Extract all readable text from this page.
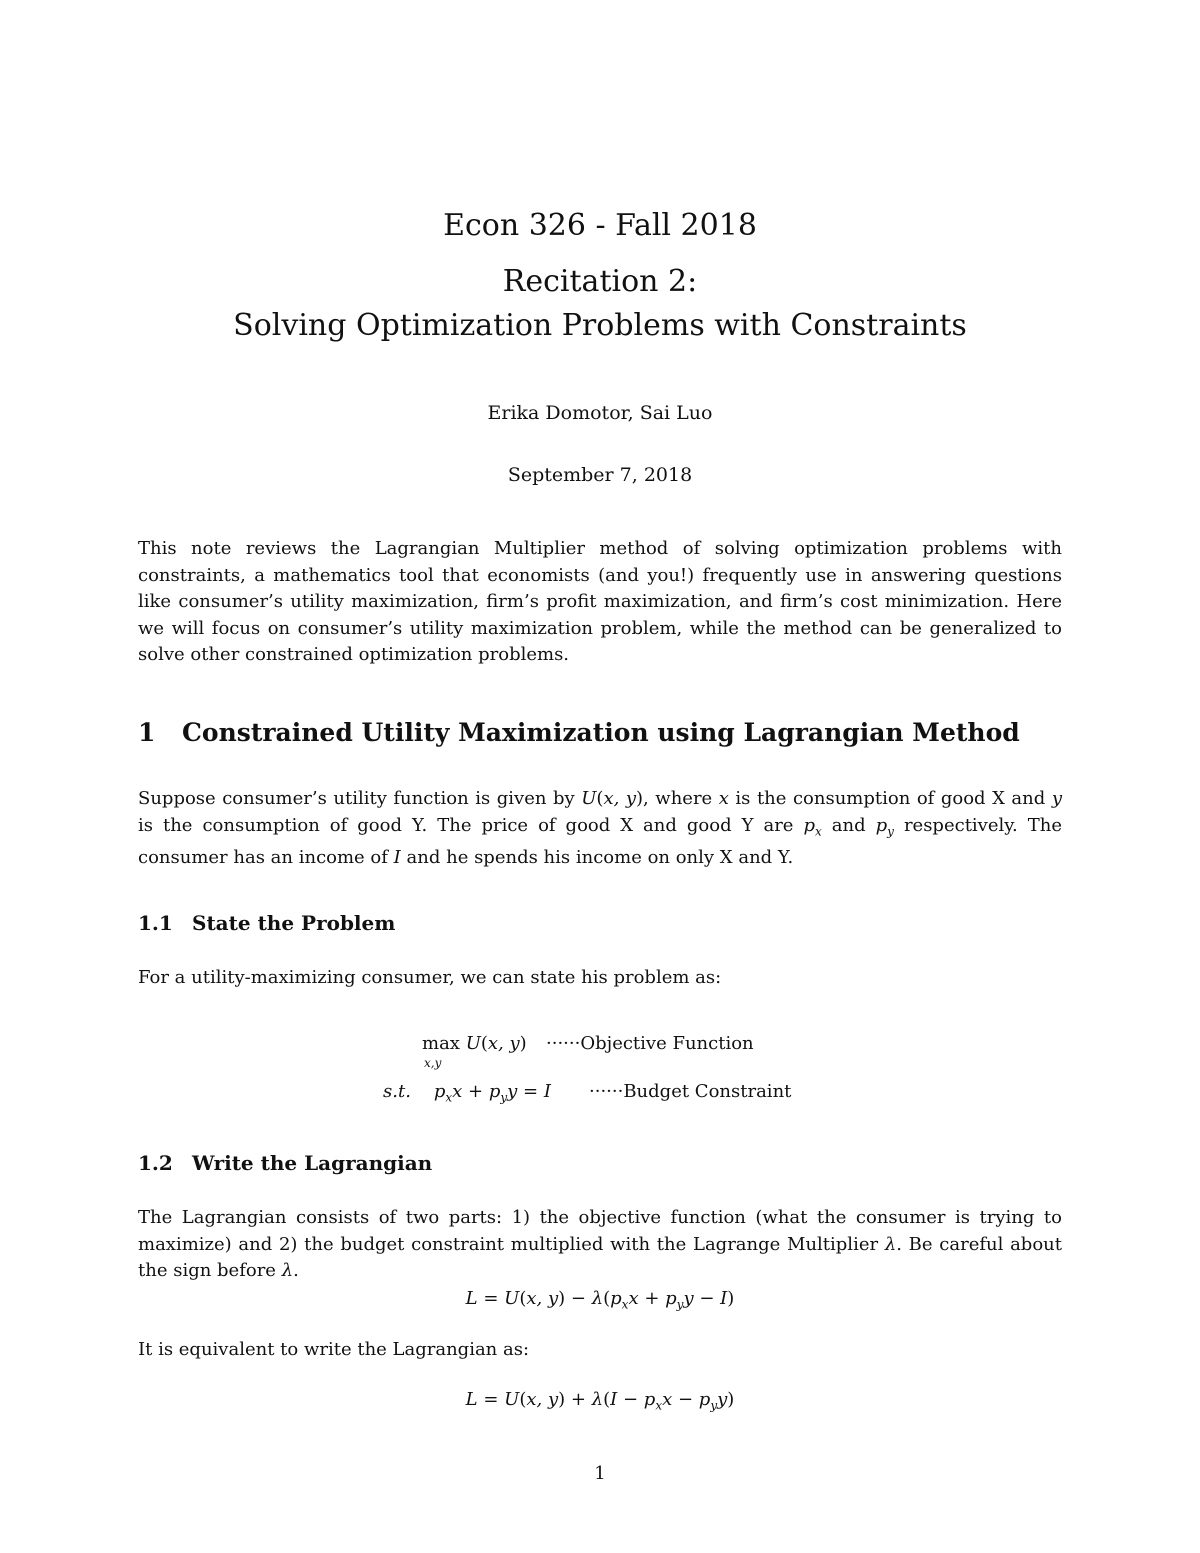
Econ 326 - Fall 2018
Recitation 2:
Solving Optimization Problems with Constraints
Erika Domotor, Sai Luo
September 7, 2018
This note reviews the Lagrangian Multiplier method of solving optimization problems with constraints, a mathematics tool that economists (and you!) frequently use in answering questions like consumer’s utility maximization, firm’s profit maximization, and firm’s cost minimization. Here we will focus on consumer’s utility maximization problem, while the method can be generalized to solve other constrained optimization problems.
1 Constrained Utility Maximization using Lagrangian Method
Suppose consumer’s utility function is given by U(x, y), where x is the consumption of good X and y is the consumption of good Y. The price of good X and good Y are $p_x$ and $p_y$ respectively. The consumer has an income of I and he spends his income on only X and Y.
1.1 State the Problem
For a utility-maximizing consumer, we can state his problem as:
max
x,y
U(x, y) ······Objective Function
s.t. $p_xx + p_yy = I$ ······Budget Constraint
1.2 Write the Lagrangian
The Lagrangian consists of two parts: 1) the objective function (what the consumer is trying to maximize) and 2) the budget constraint multiplied with the Lagrange Multiplier λ. Be careful about the sign before λ.
L = U(x, $y) - \lambda(p_xx + p_yy - I)$
It is equivalent to write the Lagrangian as:
L = U(x, $y) + \lambda(I - p_xx - p_yy)$
1
